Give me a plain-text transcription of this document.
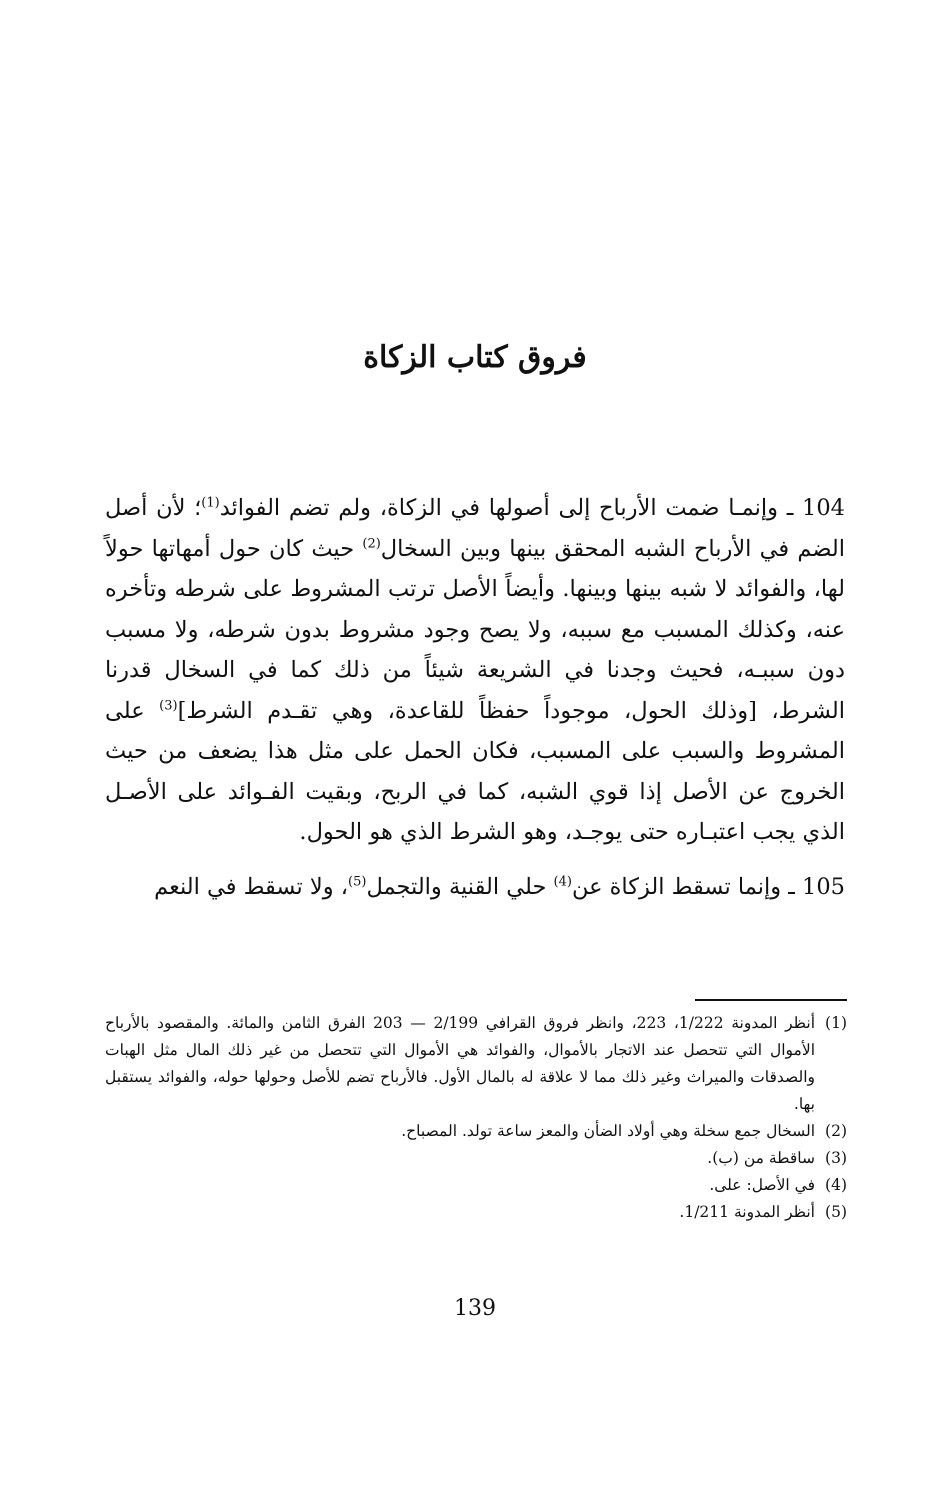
فروق كتاب الزكاة

104 ـ وإنمـا ضمت الأرباح إلى أصولها في الزكاة، ولم تضم الفوائد$^{(1)}$؛ لأن أصل الضم في الأرباح الشبه المحقق بينها وبين السخال$^{(2)}$ حيث كان حول أمهاتها حولاً لها، والفوائد لا شبه بينها وبينها. وأيضاً الأصل ترتب المشروط على شرطه وتأخره عنه، وكذلك المسبب مع سببه، ولا يصح وجود مشروط بدون شرطه، ولا مسبب دون سببـه، فحيث وجدنا في الشريعة شيئاً من ذلك كما في السخال قدرنا الشرط، [وذلك الحول، موجوداً حفظاً للقاعدة، وهي تقـدم الشرط]$^{(3)}$ على المشروط والسبب على المسبب، فكان الحمل على مثل هذا يضعف من حيث الخروج عن الأصل إذا قوي الشبه، كما في الربح، وبقيت الفـوائد على الأصـل الذي يجب اعتبـاره حتى يوجـد، وهو الشرط الذي هو الحول.

105 ـ وإنما تسقط الزكاة عن$^{(4)}$ حلي القنية والتجمل$^{(5)}$، ولا تسقط في النعم

(1)
أنظر المدونة 1/222، 223، وانظر فروق القرافي 2/199 — 203 الفرق الثامن والمائة. والمقصود بالأرباح الأموال التي تتحصل عند الاتجار بالأموال، والفوائد هي الأموال التي تتحصل من غير ذلك المال مثل الهبات والصدقات والميراث وغير ذلك مما لا علاقة له بالمال الأول. فالأرباح تضم للأصل وحولها حوله، والفوائد يستقبل بها.

(2)
السخال جمع سخلة وهي أولاد الضأن والمعز ساعة تولد. المصباح.

(3)
ساقطة من (ب).

(4)
في الأصل: على.

(5)
أنظر المدونة 1/211.

139
